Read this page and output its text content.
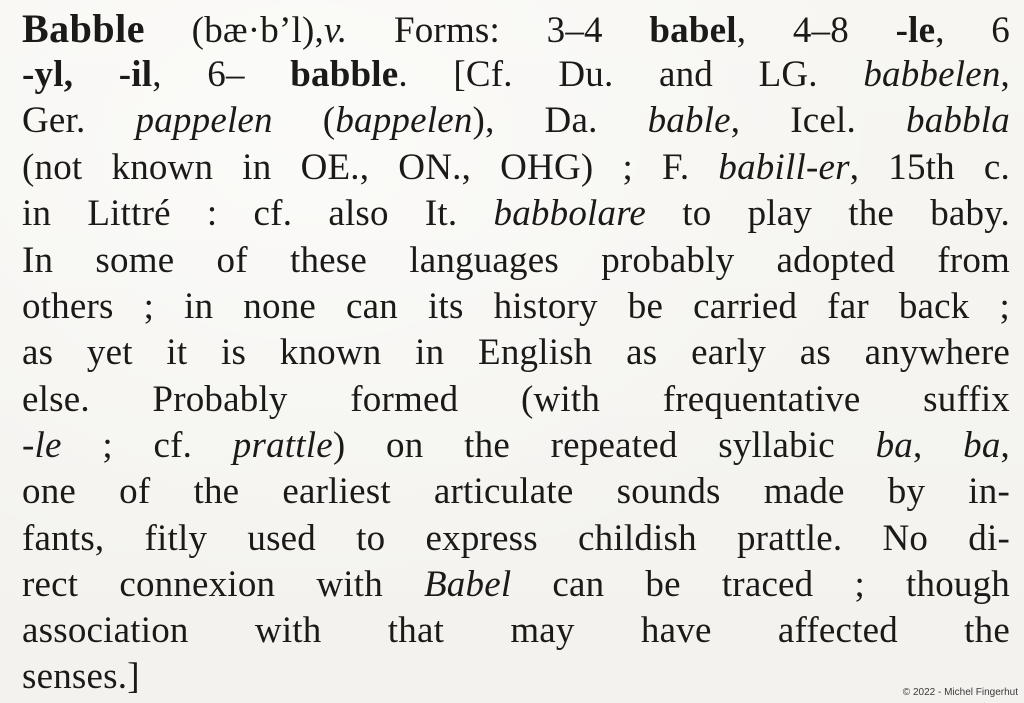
Babble (bæ·b’l),v. Forms: 3–4 babel, 4–8 -le, 6
-yl, -il, 6– babble. [Cf. Du. and LG. babbelen,
Ger. pappelen (bappelen), Da. bable, Icel. babbla
(not known in OE., ON., OHG) ; F. babill-er, 15th c.
in Littré : cf. also It. babbolare to play the baby.
In some of these languages probably adopted from
others ; in none can its history be carried far back ;
as yet it is known in English as early as anywhere
else. Probably formed (with frequentative suffix
-le ; cf. prattle) on the repeated syllabic ba, ba,
one of the earliest articulate sounds made by in-
fants, fitly used to express childish prattle. No di-
rect connexion with Babel can be traced ; though
association with that may have affected the
senses.]	© 2022 - Michel Fingerhut
